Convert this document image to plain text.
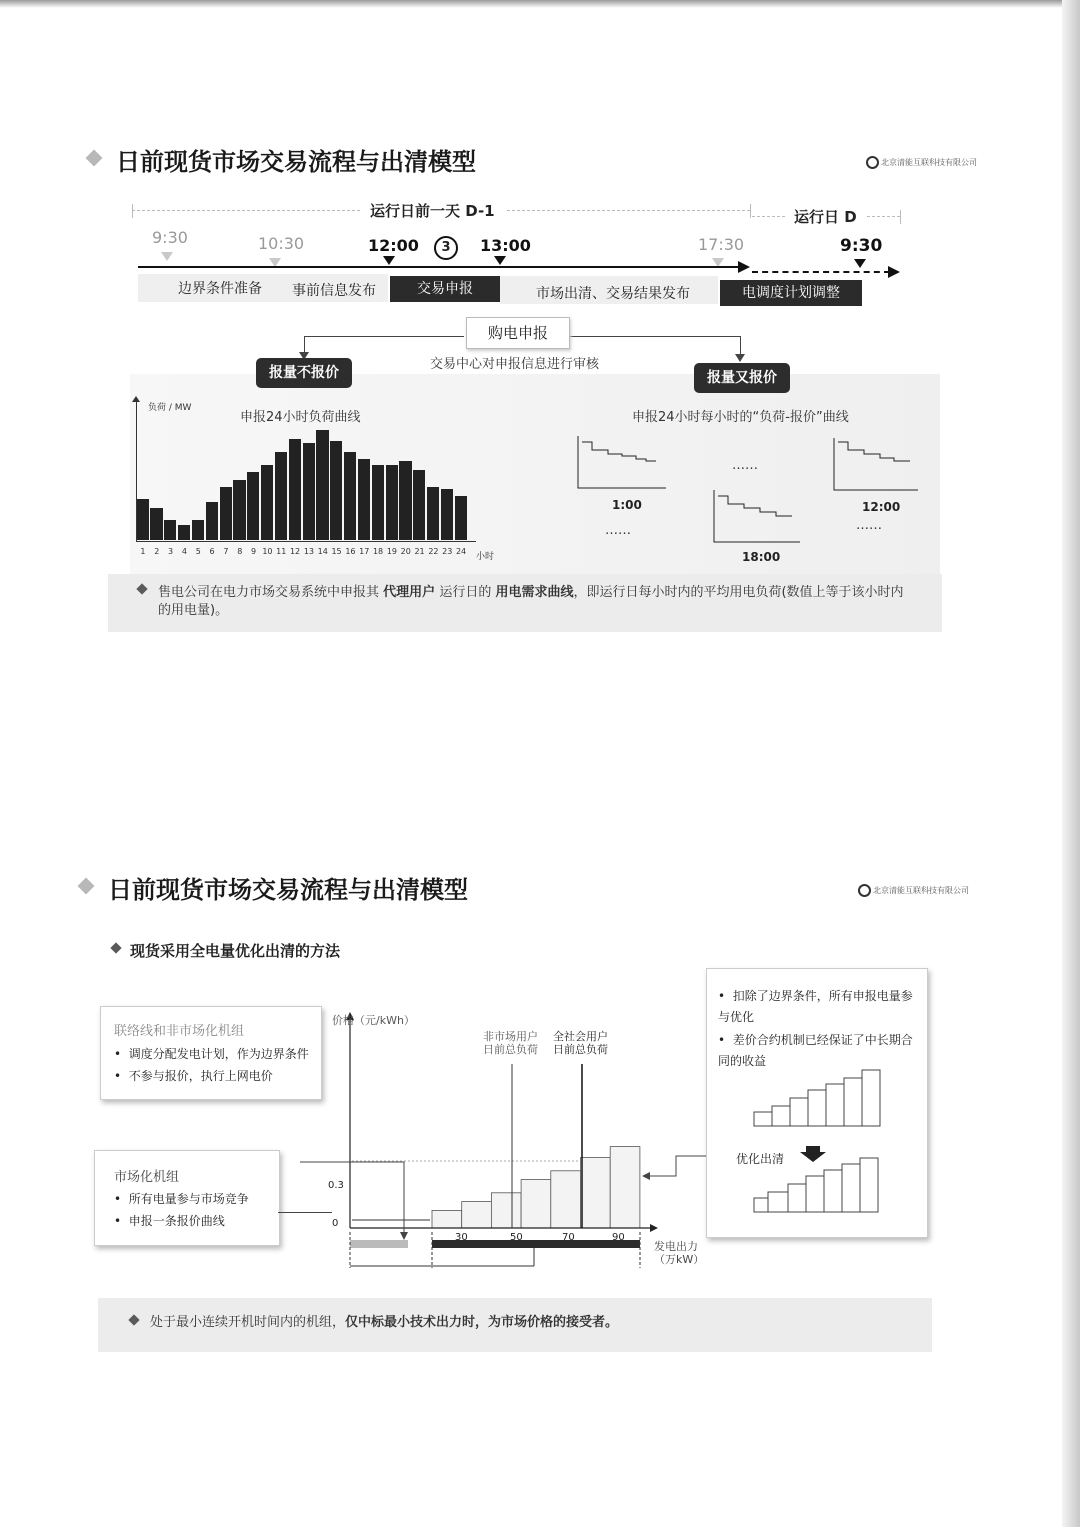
日前现货市场交易流程与出清模型	北京清能互联科技有限公司
运行日前一天 D-1	运行日 D
9:30	10:30	12:00	3	13:00	17:30	9:30
边界条件准备 事前信息发布	交易申报	市场出清、交易结果发布	电调度计划调整
购电申报
交易中心对申报信息进行审核
报量不报价	报量又报价
负荷 / MW
申报24小时负荷曲线
1	2	3	4	5	6	7	8	9 10 11 12 13 14 15 16 17 18 19 20 21 22 23 24
小时
申报24小时每小时的“负荷-报价”曲线
1:00	12:00
18:00
……
……	……
售电公司在电力市场交易系统中申报其 代理用户 运行日的 用电需求曲线，即运行日每小时内的平均用电负荷(数值上等于该小时内的用电量)。
日前现货市场交易流程与出清模型	北京清能互联科技有限公司
现货采用全电量优化出清的方法
联络线和非市场化机组
•  调度分配发电计划，作为边界条件
•  不参与报价，执行上网电价
市场化机组
•  所有电量参与市场竞争
•  申报一条报价曲线
•  扣除了边界条件，所有申报电量参与优化
•  差价合约机制已经保证了中长期合同的收益
优化出清
价格（元/kWh）
非市场用户
日前总负荷
全社会用户
日前总负荷
0.3
0
30	50	70	90
发电出力
（万kW）
处于最小连续开机时间内的机组，仅中标最小技术出力时，为市场价格的接受者。
